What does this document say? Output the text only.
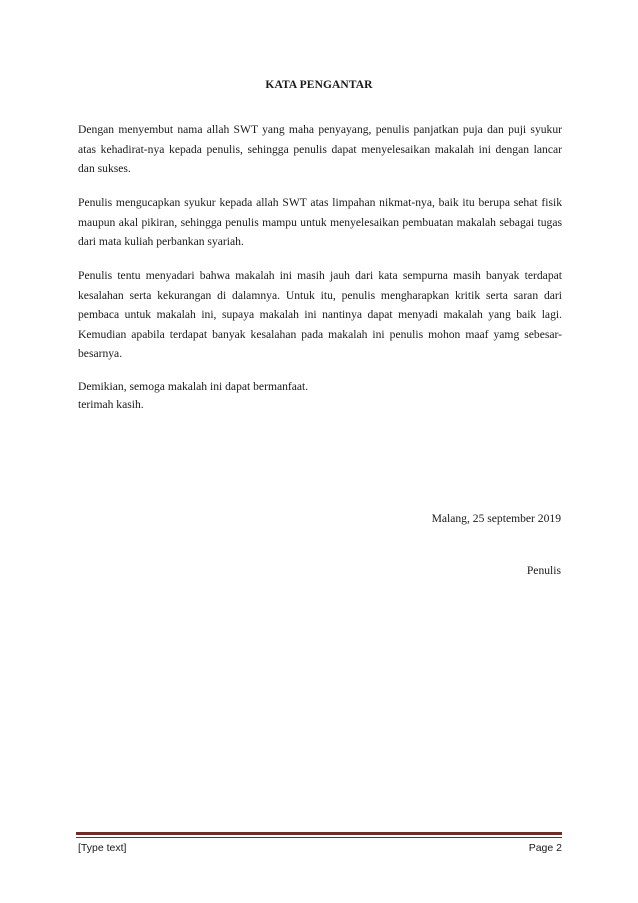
KATA PENGANTAR

Dengan menyembut nama allah SWT yang maha penyayang, penulis panjatkan puja dan puji syukur atas kehadirat-nya kepada penulis, sehingga penulis dapat menyelesaikan makalah ini dengan lancar dan sukses.

Penulis mengucapkan syukur kepada allah SWT atas limpahan nikmat-nya, baik itu berupa sehat fisik maupun akal pikiran, sehingga penulis mampu untuk menyelesaikan pembuatan makalah sebagai tugas dari mata kuliah perbankan syariah.

Penulis tentu menyadari bahwa makalah ini masih jauh dari kata sempurna masih banyak terdapat kesalahan serta kekurangan di dalamnya. Untuk itu, penulis mengharapkan kritik serta saran dari pembaca untuk makalah ini, supaya makalah ini nantinya dapat menyadi makalah yang baik lagi. Kemudian apabila terdapat banyak kesalahan pada makalah ini penulis mohon maaf yamg sebesar-besarnya.

Demikian, semoga makalah ini dapat bermanfaat.
terimah kasih.

Malang, 25 september 2019
Penulis
[Type text]	Page 2
